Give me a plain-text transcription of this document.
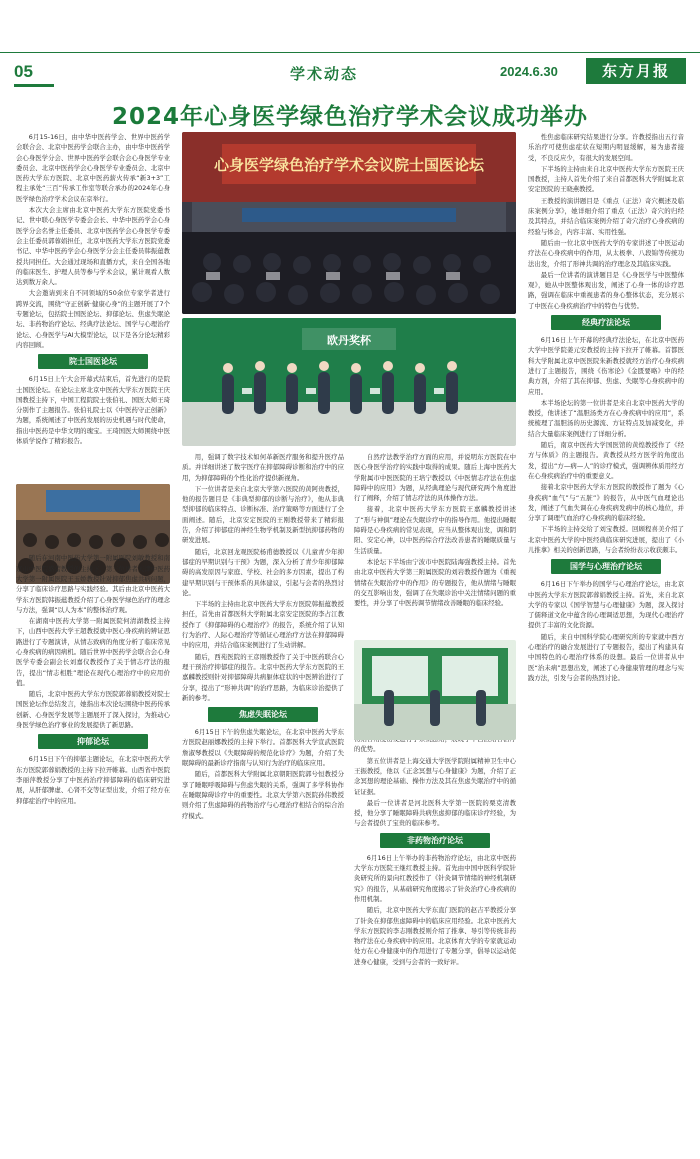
05	学术动态	2024.6.30	东方月报
2024年心身医学绿色治疗学术会议成功举办
心身医学绿色治疗学术会议院士国医论坛
欧丹奖杯

6月15-16日，由中华中医药学会、世界中医药学会联合会、北京中医药学会联合主办，由中华中医药学会心身医学分会、世界中医药学会联合会心身医学专业委员会、北京中医药学会心身医学专业委员会、北京中医药大学东方医院、北京中医药薪火传承“新3+3”工程主承处“三百”传承工作室等联合承办的2024年心身医学绿色治疗学术会议在京举行。

本次大会主席由北京中医药大学东方医院党委书记、世中联心身医学专委会会长、中华中医药学会心身医学分会名誉主任委员、北京中医药学会心身医学专委会主任委员郭蓉娟担任，北京中医药大学东方医院党委书记、中华中医药学会心身医学分会主任委员韩振蕴教授共同担任。大会通过现场和直播方式，来自全国各地的临床医生、护理人员等参与学术会议，累计观看人数达到数万余人。

大会邀请到来自不同领域的50余位专家学者进行跨界交流，围绕“守正创新·健康心身”的主题开展了7个专题论坛，包括院士国医论坛、抑郁论坛、焦虑失眠论坛、非药物治疗论坛、经典疗法论坛、国学与心理治疗论坛、心身医学与AI大模型论坛，以下是各分论坛精彩内容回顾。

院士国医论坛

6月15日上午大会开幕式结束后，首先进行的是院士国医论坛。在论坛主席北京中医药大学东方医院王庆国教授主持下，中国工程院院士张伯礼、国医大师王琦分别作了主题报告。张伯礼院士以《中医药守正创新》为题，系统阐述了中医药发展的历史机遇与时代使命，指出中医药是中华文明的瑰宝。王琦国医大师围绕中医体质学说作了精彩报告。

随后在河南中医药大学第一附属医院刘敏教授和南京市中医院盛蕾教授的主持下，第三位讲者天津中医药大学第一附属医院王玉娇教授针对抑郁焦虑共病问题，分享了临床诊疗思路与实践经验。其后由北京中医药大学东方医院韩振蕴教授介绍了心身医学绿色治疗的理念与方法，强调“以人为本”的整体治疗观。

在湖南中医药大学第一附属医院何清湖教授主持下，山西中医药大学王超教授就中医心身疾病的辨证思路进行了专题演讲，从情志致病的角度分析了临床常见心身疾病的病因病机。随后世界中医药学会联合会心身医学专委会副会长刘嘉仪教授作了关于情志疗法的报告，提出“情志相胜”理论在现代心理治疗中的应用价值。

随后，北京中医药大学东方医院郭蓉娟教授对院士国医论坛作总结发言，她指出本次论坛围绕中医药传承创新、心身医学发展等主题展开了深入探讨，为推动心身医学绿色治疗事业的发展提供了新思路。

抑郁论坛

6月15日下午的抑郁主题论坛，在北京中医药大学东方医院郭蓉娟教授的主持下拉开帷幕。山西省中医院李丽萍教授分享了中医药治疗抑郁障碍的临床研究进展，从肝郁脾虚、心肾不交等证型出发，介绍了经方在抑郁症治疗中的应用。

用，强调了数字技术如何革新医疗服务和提升医疗品质。并详细讲述了数字医疗在抑郁障碍诊断和治疗中的应用，为抑郁障碍的个性化治疗提供新视角。

下一位讲者是来自北京大学第六医院的黄阿贵教授，他的报告题目是《非典型抑郁的诊断与治疗》，他从非典型抑郁的临床特点、诊断标准、治疗策略等方面进行了全面阐述。随后，北京安定医院的王刚教授带来了精彩报告，介绍了抑郁症的神经生物学机制及新型抗抑郁药物的研发进展。

随后，北京回龙观医院杨甫德教授以《儿童青少年抑郁症的早期识别与干预》为题，深入分析了青少年抑郁障碍的高发原因与家庭、学校、社会的多方因素，提出了构建早期识别与干预体系的具体建议，引起与会者的热烈讨论。

下半场的主持由北京中医药大学东方医院韩振蕴教授担任，首先由首都医科大学附属北京安定医院的李占江教授作了《抑郁障碍的心理治疗》的报告，系统介绍了认知行为治疗、人际心理治疗等循证心理治疗方法在抑郁障碍中的应用，并结合临床案例进行了生动讲解。

随后，西苑医院的王彦刚教授作了关于中医药联合心理干预治疗抑郁症的报告。北京中医药大学东方医院的王嘉麟教授则针对抑郁障碍共病躯体症状的中医辨治进行了分享，提出了“形神共调”的治疗思路，为临床诊治提供了新的参考。

焦虑失眠论坛

6月15日下午的焦虑失眠论坛，在北京中医药大学东方医院赵丽娜教授的主持下举行。首都医科大学宣武医院詹淑琴教授以《失眠障碍的规范化诊疗》为题，介绍了失眠障碍的最新诊疗指南与认知行为治疗的临床应用。

随后，首都医科大学附属北京朝阳医院郭兮恒教授分享了睡眠呼吸障碍与焦虑失眠的关系，强调了多学科协作在睡眠障碍诊疗中的重要性。北京大学第六医院孙伟教授则介绍了焦虑障碍的药物治疗与心理治疗相结合的综合治疗模式。

自然疗法教学治疗方面的应用，并说明东方医院在中医心身医学治疗的实践中取得的成果。随后上海中医药大学附属市中医医院的王培宁教授以《中医情志疗法在焦虑障碍中的应用》为题，从经典理论与现代研究两个角度进行了阐释，介绍了情志疗法的具体操作方法。

接着，北京中医药大学东方医院王嘉麟教授讲述了“形与神俱”理论在失眠诊疗中的指导作用。他提出睡眠障碍是心身疾病的常见表现，应当从整体观出发，调和阴阳、安定心神，以中医药综合疗法改善患者的睡眠质量与生活质量。

本论坛下半场由宁波市中医院陆海强教授主持。首先由北京中医药大学第三附属医院的刘岩教授作题为《重视情绪在失眠治疗中的作用》的专题报告，他从情绪与睡眠的交互影响出发，强调了在失眠诊治中关注情绪问题的重要性，并分享了中医药调节情绪改善睡眠的临床经验。

的优势。

第五位讲者是上海交通大学医学院附属精神卫生中心王振教授，他以《正念冥想与心身健康》为题，介绍了正念冥想的理论基础、操作方法及其在焦虑失眠治疗中的循证证据。

最后一位讲者是河北医科大学第一医院的栗克清教授，他分享了睡眠障碍共病焦虑抑郁的临床诊疗经验，为与会者提供了宝贵的临床参考。

非药物治疗论坛

6月16日上午举办的非药物治疗论坛，由北京中医药大学东方医院王继红教授主持。首先由中国中医科学院针灸研究所的景向红教授作了《针灸调节情绪的神经机制研究》的报告，从基础研究角度揭示了针灸治疗心身疾病的作用机制。

随后，北京中医药大学东直门医院的赵吉平教授分享了针灸在抑郁焦虑障碍中的临床应用经验。北京中医药大学东方医院的李志刚教授则介绍了推拿、导引等传统非药物疗法在心身疾病中的应用。北京体育大学的专家就运动处方在心身健康中的作用进行了专题分享，倡导以运动促进身心健康，受到与会者的一致好评。

性焦虑临床研究结果进行分享。许教授指出五行音乐治疗可使焦虑症状在短期内明显缓解，易为患者接受，不良反应少，有很大的发展空间。

下半场的主持由来自北京中医药大学东方医院王庆国教授，主持人首先介绍了来自首都医科大学附属北京安定医院的王晓燕教授。

王教授的演讲题目是《重点（正法）奇穴概述及临床案例分享》，她详细介绍了重点（正法）奇穴的归经及其特点，并结合临床案例介绍了奇穴治疗心身疾病的经验与体会，内容丰富、实用性强。

随后由一位北京中医药大学的专家讲述了中医运动疗法在心身疾病中的作用，从太极拳、八段锦等传统功法出发，介绍了形神共调的治疗理念及其临床实践。

最后一位讲者的演讲题目是《心身医学与中医整体观》，她从中医整体观出发，阐述了心身一体的诊疗思路，强调在临床中重视患者的身心整体状态，充分展示了中医在心身疾病治疗中的特色与优势。

经典疗法论坛

6月16日上午开幕的经典疗法论坛，在北京中医药大学中医学院姜元安教授的主持下拉开了帷幕。首都医科大学附属北京中医医院朱新教授就经方治疗心身疾病进行了主题报告，围绕《伤寒论》《金匮要略》中的经典方剂，介绍了其在抑郁、焦虑、失眠等心身疾病中的应用。

本半场论坛的第一位讲者是来自北京中医药大学的教授，他讲述了“温胆汤类方在心身疾病中的应用”，系统梳理了温胆汤的历史源流、方证特点及加减变化，并结合大量临床案例进行了详细分析。

随后，南京中医药大学国医馆的黄煌教授作了《经方与体质》的主题报告。黄教授从经方医学的角度出发，提出“方—病—人”的诊疗模式，强调辨体质用经方在心身疾病治疗中的重要意义。

接着北京中医药大学东方医院的教授作了题为《心身疾病“血气”与“五脏”》的报告，从中医气血理论出发，阐述了气血失调在心身疾病发病中的核心地位，并分享了调理气血治疗心身疾病的临床经验。

下半场的主持交给了刘宝教授。回顾程喜美介绍了北京中医药大学的中医经典临床研究进展，提出了《小儿推拿》相关的创新思路，与会者纷纷表示收获颇丰。

国学与心理治疗论坛

6月16日下午举办的国学与心理治疗论坛，由北京中医药大学东方医院郭蓉娟教授主持。首先，来自北京大学的专家以《国学智慧与心理健康》为题，深入探讨了儒释道文化中蕴含的心理调适思想，为现代心理治疗提供了丰富的文化资源。

随后，来自中国科学院心理研究所的专家就中西方心理治疗的融合发展进行了专题报告，提出了构建具有中国特色的心理治疗体系的设想。最后一位讲者从中医“治未病”思想出发，阐述了心身健康管理的理念与实践方法，引发与会者的热烈讨论。
